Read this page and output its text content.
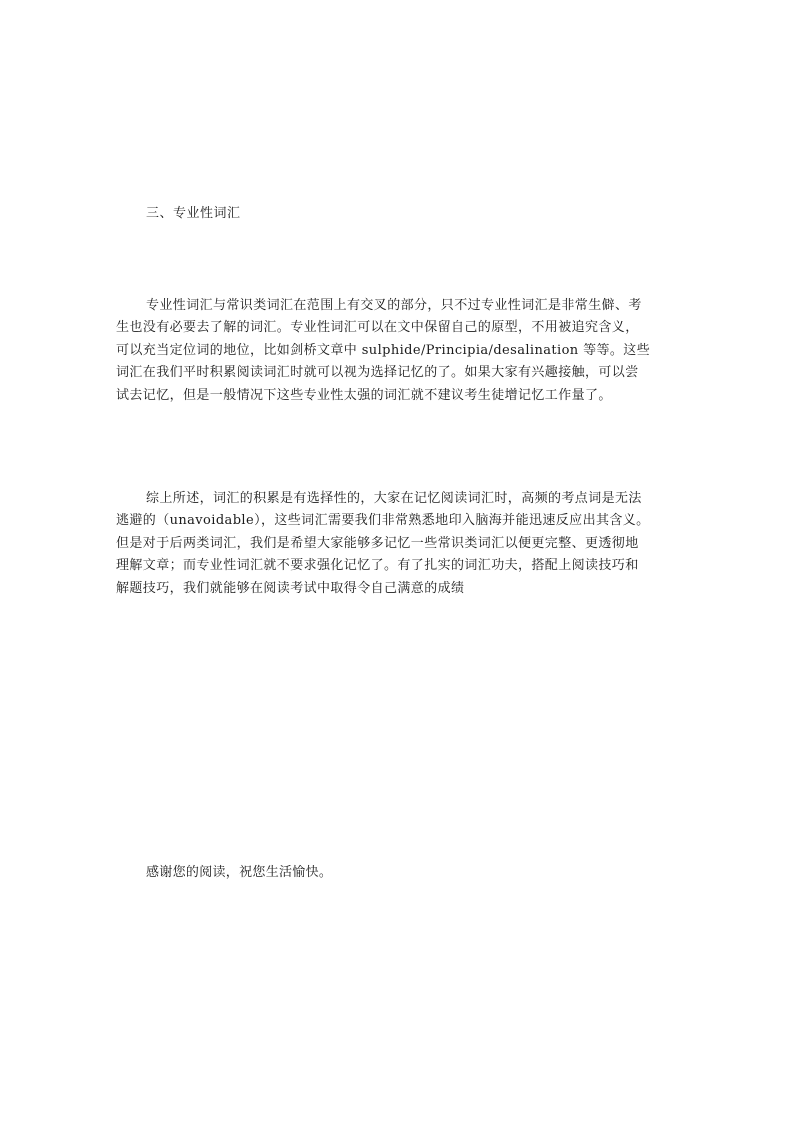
三、专业性词汇
专业性词汇与常识类词汇在范围上有交叉的部分，只不过专业性词汇是非常生僻、考
生也没有必要去了解的词汇。专业性词汇可以在文中保留自己的原型，不用被追究含义，
可以充当定位词的地位，比如剑桥文章中 sulphide/Principia/desalination 等等。这些
词汇在我们平时积累阅读词汇时就可以视为选择记忆的了。如果大家有兴趣接触，可以尝
试去记忆，但是一般情况下这些专业性太强的词汇就不建议考生徒增记忆工作量了。
综上所述，词汇的积累是有选择性的，大家在记忆阅读词汇时，高频的考点词是无法
逃避的（unavoidable），这些词汇需要我们非常熟悉地印入脑海并能迅速反应出其含义。
但是对于后两类词汇，我们是希望大家能够多记忆一些常识类词汇以便更完整、更透彻地
理解文章；而专业性词汇就不要求强化记忆了。有了扎实的词汇功夫，搭配上阅读技巧和
解题技巧，我们就能够在阅读考试中取得令自己满意的成绩
感谢您的阅读，祝您生活愉快。
